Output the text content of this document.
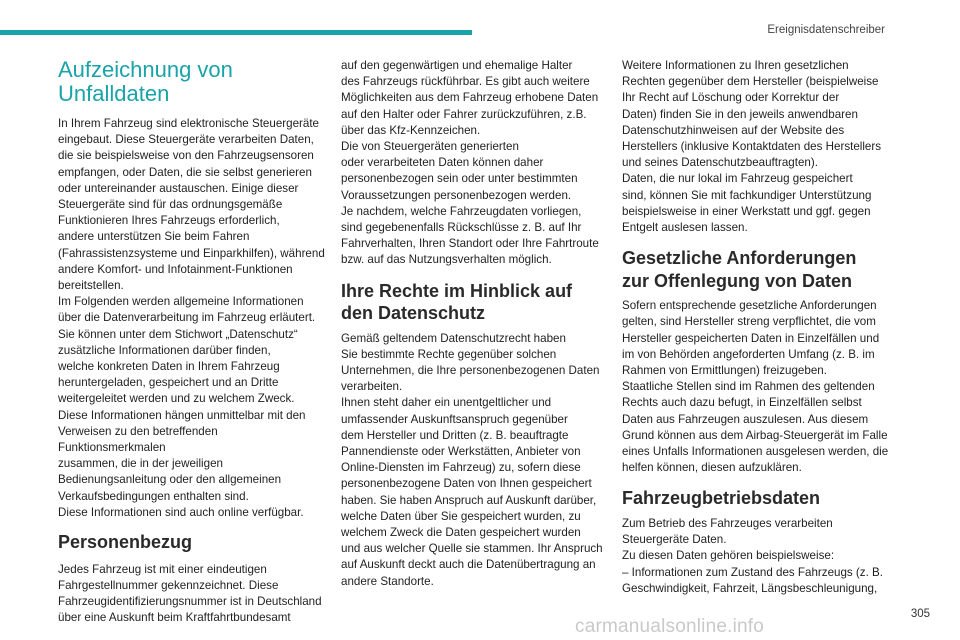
Ereignisdatenschreiber
Aufzeichnung von
Unfalldaten

In Ihrem Fahrzeug sind elektronische Steuergeräte
eingebaut. Diese Steuergeräte verarbeiten Daten,
die sie beispielsweise von den Fahrzeugsensoren
empfangen, oder Daten, die sie selbst generieren
oder untereinander austauschen. Einige dieser
Steuergeräte sind für das ordnungsgemäße
Funktionieren Ihres Fahrzeugs erforderlich,
andere unterstützen Sie beim Fahren
(Fahrassistenzsysteme und Einparkhilfen), während
andere Komfort- und Infotainment-Funktionen
bereitstellen.
Im Folgenden werden allgemeine Informationen
über die Datenverarbeitung im Fahrzeug erläutert.
Sie können unter dem Stichwort „Datenschutz“
zusätzliche Informationen darüber finden,
welche konkreten Daten in Ihrem Fahrzeug
heruntergeladen, gespeichert und an Dritte
weitergeleitet werden und zu welchem Zweck.
Diese Informationen hängen unmittelbar mit den
Verweisen zu den betreffenden Funktionsmerkmalen
zusammen, die in der jeweiligen
Bedienungsanleitung oder den allgemeinen
Verkaufsbedingungen enthalten sind.
Diese Informationen sind auch online verfügbar.

Personenbezug

Jedes Fahrzeug ist mit einer eindeutigen
Fahrgestellnummer gekennzeichnet. Diese
Fahrzeugidentifizierungsnummer ist in Deutschland
über eine Auskunft beim Kraftfahrtbundesamt

auf den gegenwärtigen und ehemalige Halter
des Fahrzeugs rückführbar. Es gibt auch weitere
Möglichkeiten aus dem Fahrzeug erhobene Daten
auf den Halter oder Fahrer zurückzuführen, z.B.
über das Kfz-Kennzeichen.
Die von Steuergeräten generierten
oder verarbeiteten Daten können daher
personenbezogen sein oder unter bestimmten
Voraussetzungen personenbezogen werden.
Je nachdem, welche Fahrzeugdaten vorliegen,
sind gegebenenfalls Rückschlüsse z. B. auf Ihr
Fahrverhalten, Ihren Standort oder Ihre Fahrtroute
bzw. auf das Nutzungsverhalten möglich.

Ihre Rechte im Hinblick auf
den Datenschutz

Gemäß geltendem Datenschutzrecht haben
Sie bestimmte Rechte gegenüber solchen
Unternehmen, die Ihre personenbezogenen Daten
verarbeiten.
Ihnen steht daher ein unentgeltlicher und
umfassender Auskunftsanspruch gegenüber
dem Hersteller und Dritten (z. B. beauftragte
Pannendienste oder Werkstätten, Anbieter von
Online-Diensten im Fahrzeug) zu, sofern diese
personenbezogene Daten von Ihnen gespeichert
haben. Sie haben Anspruch auf Auskunft darüber,
welche Daten über Sie gespeichert wurden, zu
welchem Zweck die Daten gespeichert wurden
und aus welcher Quelle sie stammen. Ihr Anspruch
auf Auskunft deckt auch die Datenübertragung an
andere Standorte.

Weitere Informationen zu Ihren gesetzlichen
Rechten gegenüber dem Hersteller (beispielweise
Ihr Recht auf Löschung oder Korrektur der
Daten) finden Sie in den jeweils anwendbaren
Datenschutzhinweisen auf der Website des
Herstellers (inklusive Kontaktdaten des Herstellers
und seines Datenschutzbeauftragten).
Daten, die nur lokal im Fahrzeug gespeichert
sind, können Sie mit fachkundiger Unterstützung
beispielsweise in einer Werkstatt und ggf. gegen
Entgelt auslesen lassen.

Gesetzliche Anforderungen
zur Offenlegung von Daten

Sofern entsprechende gesetzliche Anforderungen
gelten, sind Hersteller streng verpflichtet, die vom
Hersteller gespeicherten Daten in Einzelfällen und
im von Behörden angeforderten Umfang (z. B. im
Rahmen von Ermittlungen) freizugeben.
Staatliche Stellen sind im Rahmen des geltenden
Rechts auch dazu befugt, in Einzelfällen selbst
Daten aus Fahrzeugen auszulesen. Aus diesem
Grund können aus dem Airbag-Steuergerät im Falle
eines Unfalls Informationen ausgelesen werden, die
helfen können, diesen aufzuklären.

Fahrzeugbetriebsdaten

Zum Betrieb des Fahrzeuges verarbeiten
Steuergeräte Daten.
Zu diesen Daten gehören beispielsweise:
– Informationen zum Zustand des Fahrzeugs (z. B.
Geschwindigkeit, Fahrzeit, Längsbeschleunigung,

305
carmanualsonline.info
